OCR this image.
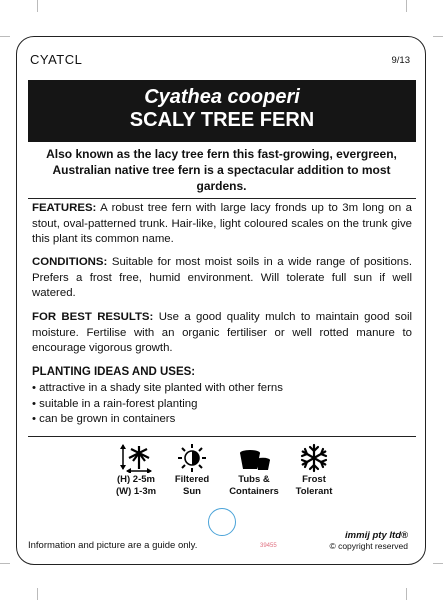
CYATCL	9/13
Cyathea cooperi
SCALY TREE FERN
Also known as the lacy tree fern this fast-growing, evergreen, Australian native tree fern is a spectacular addition to most gardens.

FEATURES: A robust tree fern with large lacy fronds up to 3m long on a stout, oval-patterned trunk. Hair-like, light coloured scales on the trunk give this plant its common name.

CONDITIONS: Suitable for most moist soils in a wide range of positions. Prefers a frost free, humid environment. Will tolerate full sun if well watered.

FOR BEST RESULTS: Use a good quality mulch to maintain good soil moisture. Fertilise with an organic fertiliser or well rotted manure to encourage vigorous growth.

PLANTING IDEAS AND USES:
• attractive in a shady site planted with other ferns
• suitable in a rain-forest planting
• can be grown in containers
(H) 2-5m
(W) 1-3m
Filtered
Sun
Tubs &
Containers
Frost
Tolerant
Information and picture are a guide only.	39455
immij pty ltd®
© copyright reserved
